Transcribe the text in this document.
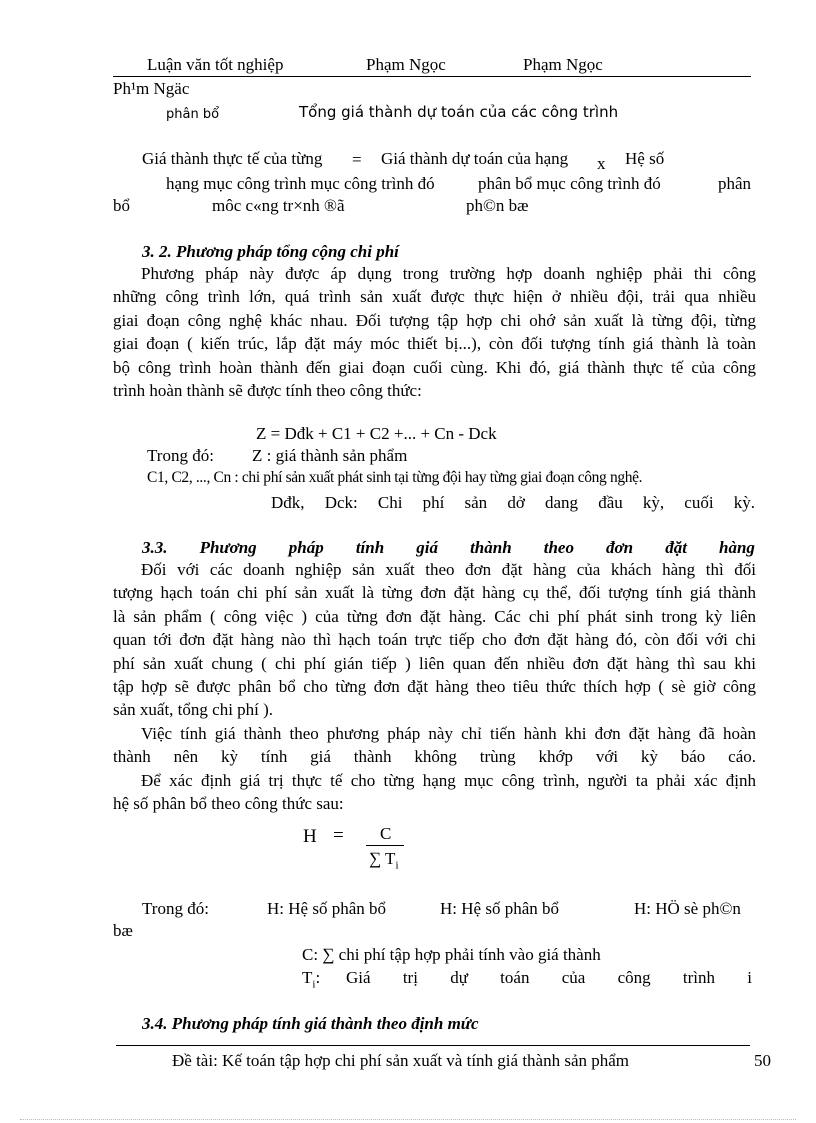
Luận văn tốt nghiệp	Phạm Ngọc	Phạm Ngọc
Ph¹m Ngäc
phân bổ	Tổng giá thành dự toán của các công trình
Giá thành thực tế của từng = Giá thành dự toán của hạng x Hệ số
hạng mục công trình mục công trình đó	phân bổ mục công trình đó	phân
bổ	môc c«ng tr×nh ®ã	ph©n bæ
3. 2. Phương pháp tổng cộng chi phí
Phương pháp này được áp dụng trong trường hợp doanh nghiệp phải thi công
những công trình lớn, quá trình sản xuất được thực hiện ở nhiều đội, trải qua nhiều
giai đoạn công nghệ khác nhau. Đối tượng tập hợp chi ohớ sản xuất là từng đội, từng
giai đoạn ( kiến trúc, lắp đặt máy móc thiết bị...), còn đối tượng tính giá thành là toàn
bộ công trình hoàn thành đến giai đoạn cuối cùng. Khi đó, giá thành thực tế của công
trình hoàn thành sẽ được tính theo công thức:
Z = Dđk + C1 + C2 +... + Cn - Dck
Trong đó: Z : giá thành sản phẩm
C1, C2, ..., Cn : chi phí sản xuất phát sinh tại từng đội hay từng giai đoạn công nghệ.
Dđk, Dck: Chi phí sản dở dang đầu kỳ, cuối kỳ.
3.3. Phương pháp tính giá thành theo đơn đặt hàng
Đối với các doanh nghiệp sản xuất theo đơn đặt hàng của khách hàng thì đối
tượng hạch toán chi phí sản xuất là từng đơn đặt hàng cụ thể, đối tượng tính giá thành
là sản phẩm ( công việc ) của từng đơn đặt hàng. Các chi phí phát sinh trong kỳ liên
quan tới đơn đặt hàng nào thì hạch toán trực tiếp cho đơn đặt hàng đó, còn đối với chi
phí sản xuất chung ( chi phí gián tiếp ) liên quan đến nhiều đơn đặt hàng thì sau khi
tập hợp sẽ được phân bổ cho từng đơn đặt hàng theo tiêu thức thích hợp ( sè giờ công
sản xuất, tổng chi phí ).
Việc tính giá thành theo phương pháp này chỉ tiến hành khi đơn đặt hàng đã hoàn
thành nên kỳ tính giá thành không trùng khớp với kỳ báo cáo.
Để xác định giá trị thực tế cho từng hạng mục công trình, người ta phải xác định
hệ số phân bổ theo công thức sau:
H = C
∑ $T_i$
Trong đó:	H: Hệ số phân bổ	H: Hệ số phân bổ	H: HÖ sè ph©n
bæ
C: ∑ chi phí tập hợp phải tính vào giá thành
$T_i$: Giá trị dự toán của công trình i
3.4. Phương pháp tính giá thành theo định mức
Đề tài: Kế toán tập hợp chi phí sản xuất và tính giá thành sản phẩm	50
